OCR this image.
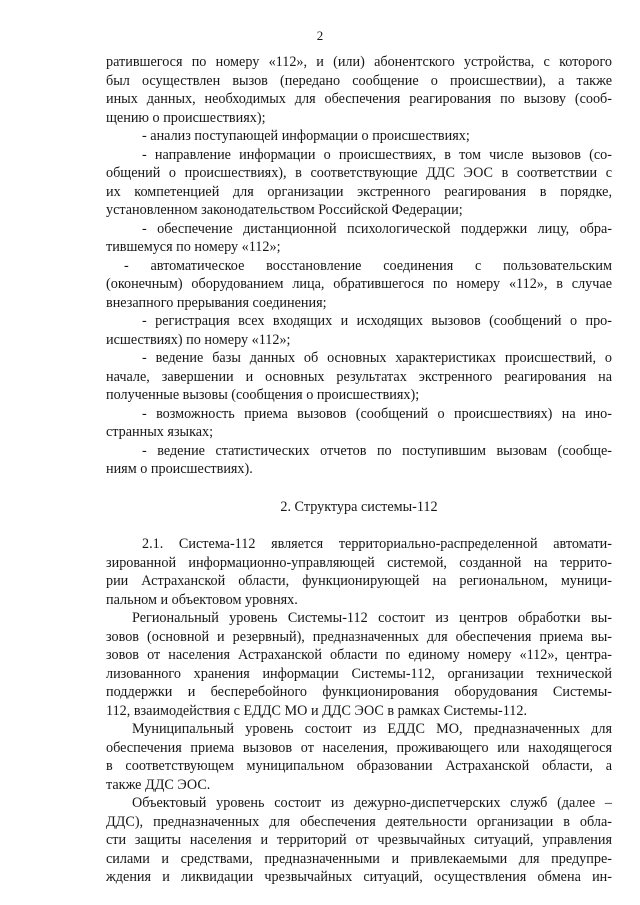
2
ратившегося по номеру «112», и (или) абонентского устройства, с которого
был осуществлен вызов (передано сообщение о происшествии), а также
иных данных, необходимых для обеспечения реагирования по вызову (сооб-
щению о происшествиях);
- анализ поступающей информации о происшествиях;
- направление информации о происшествиях, в том числе вызовов (со-
общений о происшествиях), в соответствующие ДДС ЭОС в соответствии с
их компетенцией для организации экстренного реагирования в порядке,
установленном законодательством Российской Федерации;
- обеспечение дистанционной психологической поддержки лицу, обра-
тившемуся по номеру «112»;
- автоматическое восстановление соединения с пользовательским
(оконечным) оборудованием лица, обратившегося по номеру «112», в случае
внезапного прерывания соединения;
- регистрация всех входящих и исходящих вызовов (сообщений о про-
исшествиях) по номеру «112»;
- ведение базы данных об основных характеристиках происшествий, о
начале, завершении и основных результатах экстренного реагирования на
полученные вызовы (сообщения о происшествиях);
- возможность приема вызовов (сообщений о происшествиях) на ино-
странных языках;
- ведение статистических отчетов по поступившим вызовам (сообще-
ниям о происшествиях).
2. Структура системы-112
2.1. Система-112 является территориально-распределенной автомати-
зированной информационно-управляющей системой, созданной на террито-
рии Астраханской области, функционирующей на региональном, муници-
пальном и объектовом уровнях.
Региональный уровень Системы-112 состоит из центров обработки вы-
зовов (основной и резервный), предназначенных для обеспечения приема вы-
зовов от населения Астраханской области по единому номеру «112», центра-
лизованного хранения информации Системы-112, организации технической
поддержки и бесперебойного функционирования оборудования Системы-
112, взаимодействия с ЕДДС МО и ДДС ЭОС в рамках Системы-112.
Муниципальный уровень состоит из ЕДДС МО, предназначенных для
обеспечения приема вызовов от населения, проживающего или находящегося
в соответствующем муниципальном образовании Астраханской области, а
также ДДС ЭОС.
Объектовый уровень состоит из дежурно-диспетчерских служб (далее –
ДДС), предназначенных для обеспечения деятельности организации в обла-
сти защиты населения и территорий от чрезвычайных ситуаций, управления
силами и средствами, предназначенными и привлекаемыми для предупре-
ждения и ликвидации чрезвычайных ситуаций, осуществления обмена ин-
